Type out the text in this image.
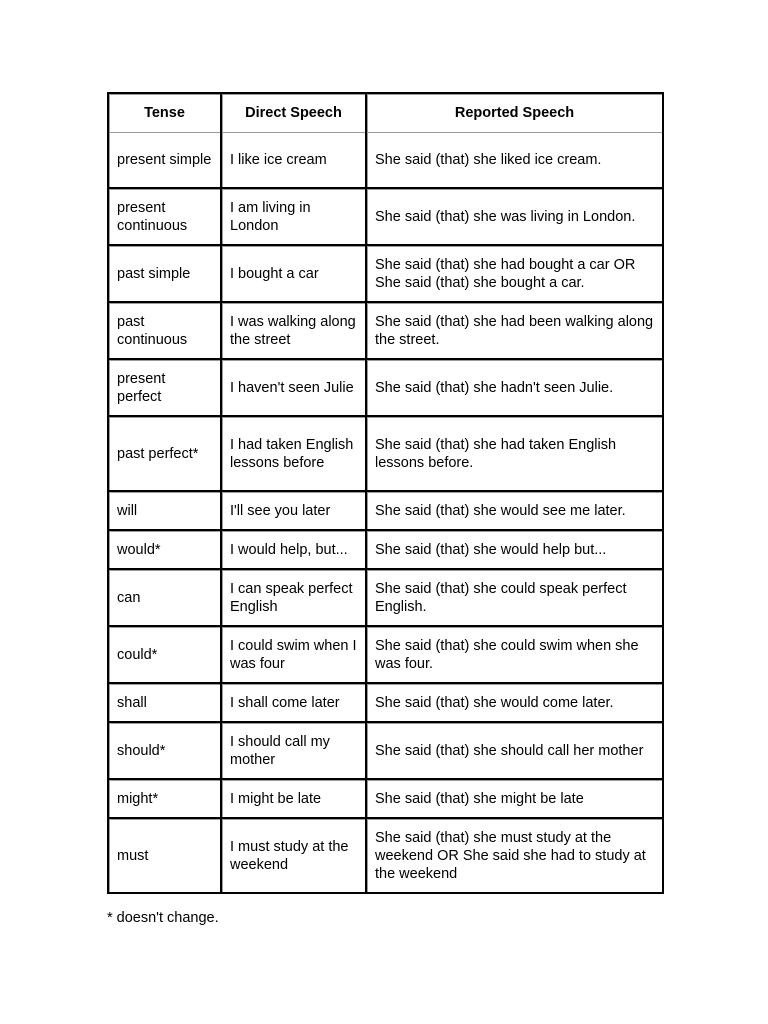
Tense	Direct Speech	Reported Speech
present simple	I like ice cream	She said (that) she liked ice cream.
present continuous	I am living in London	She said (that) she was living in London.
past simple	I bought a car	She said (that) she had bought a car OR She said (that) she bought a car.
past continuous	I was walking along the street	She said (that) she had been walking along the street.
present perfect	I haven't seen Julie	She said (that) she hadn't seen Julie.
past perfect*	I had taken English lessons before	She said (that) she had taken English lessons before.
will	I'll see you later	She said (that) she would see me later.
would*	I would help, but...	She said (that) she would help but...
can	I can speak perfect English	She said (that) she could speak perfect English.
could*	I could swim when I was four	She said (that) she could swim when she was four.
shall	I shall come later	She said (that) she would come later.
should*	I should call my mother	She said (that) she should call her mother
might*	I might be late	She said (that) she might be late
must	I must study at the weekend	She said (that) she must study at the weekend OR She said she had to study at the weekend
* doesn't change.
